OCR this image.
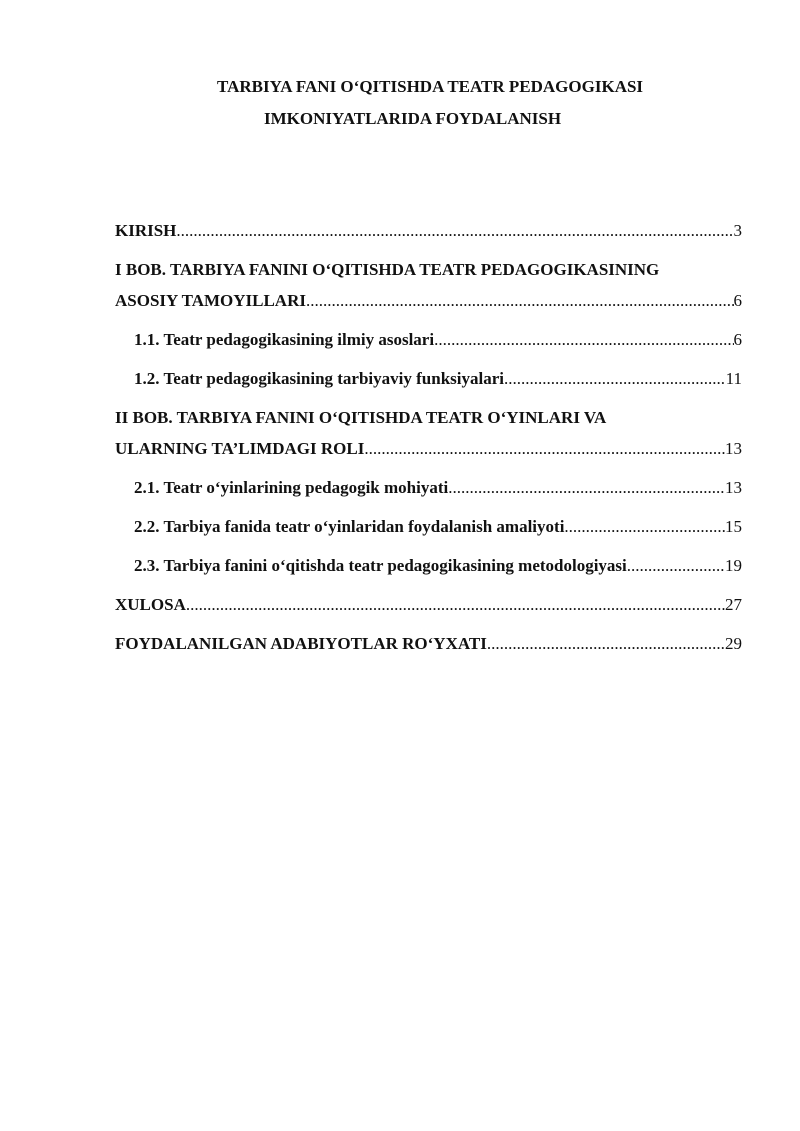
TARBIYA FANI O‘QITISHDA TEATR PEDAGOGIKASI
IMKONIYATLARIDA FOYDALANISH
KIRISH .....	3
I BOB. TARBIYA FANINI O‘QITISHDA TEATR PEDAGOGIKASINING
ASOSIY TAMOYILLARI .....	6
1.1. Teatr pedagogikasining ilmiy asoslari .....	6
1.2. Teatr pedagogikasining tarbiyaviy funksiyalari .....	11
II BOB. TARBIYA FANINI O‘QITISHDA TEATR O‘YINLARI VA
ULARNING TA’LIMDAGI ROLI .....	13
2.1. Teatr o‘yinlarining pedagogik mohiyati .....	13
2.2. Tarbiya fanida teatr o‘yinlaridan foydalanish amaliyoti .....	15
2.3. Tarbiya fanini o‘qitishda teatr pedagogikasining metodologiyasi .....	19
XULOSA .....	27
FOYDALANILGAN ADABIYOTLAR RO‘YXATI .....	29
